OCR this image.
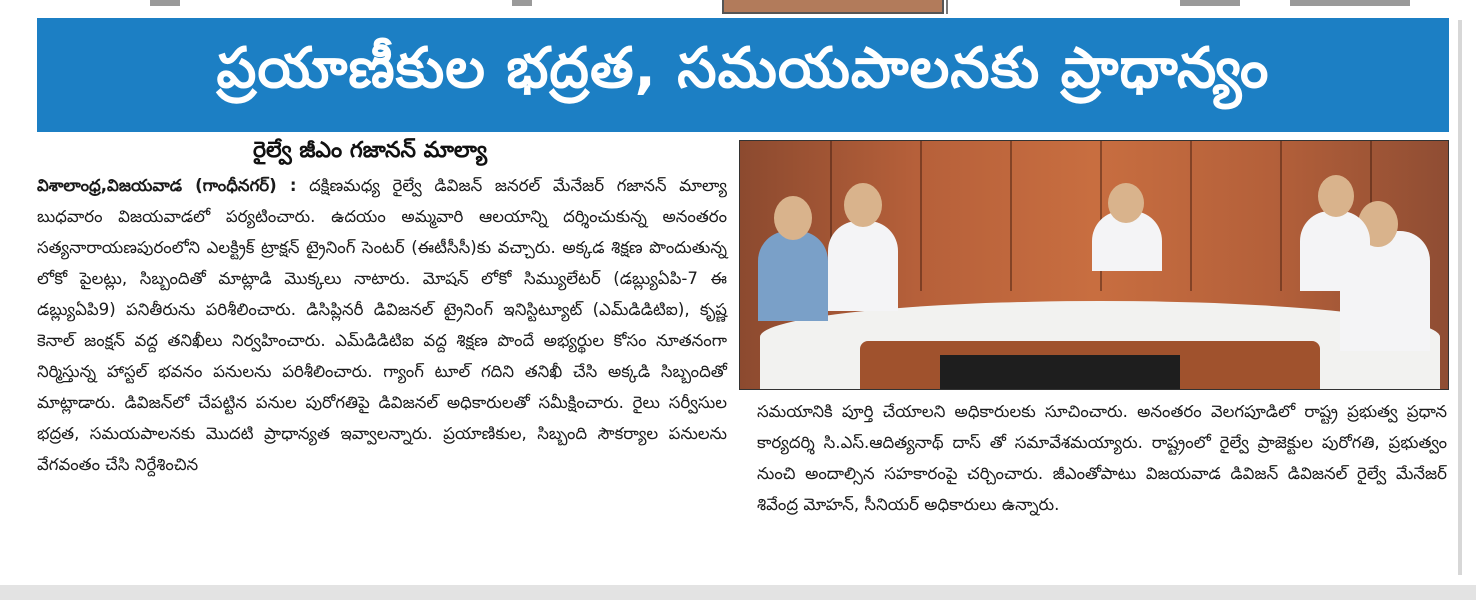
ప్రయాణీకుల భద్రత, సమయపాలనకు ప్రాధాన్యం
రైల్వే జీఎం గజానన్ మాల్యా
విశాలాంధ్ర,విజయవాడ (గాంధీనగర్) : దక్షిణమధ్య రైల్వే డివిజన్ జనరల్ మేనేజర్ గజానన్ మాల్యా బుధవారం విజయవాడలో పర్యటించారు. ఉదయం అమ్మవారి ఆలయాన్ని దర్శించుకున్న అనంతరం సత్యనారాయణపురంలోని ఎలక్ట్రిక్ ట్రాక్షన్ ట్రైనింగ్ సెంటర్ (ఈటీసీసీ)కు వచ్చారు. అక్కడ శిక్షణ పొందుతున్న లోకో పైలట్లు, సిబ్బందితో మాట్లాడి మొక్కలు నాటారు. మోషన్ లోకో సిమ్యులేటర్ (డబ్ల్యుఏపి-7 ఈ డబ్ల్యుఏపి9) పనితీరును పరిశీలించారు. డిసిప్లినరీ డివిజనల్ ట్రైనింగ్ ఇనిస్టిట్యూట్ (ఎమ్‌డిడిటిఐ), కృష్ణ కెనాల్ జంక్షన్ వద్ద తనిఖీలు నిర్వహించారు. ఎమ్‌డిడిటిఐ వద్ద శిక్షణ పొందే అభ్యర్థుల కోసం నూతనంగా నిర్మిస్తున్న హాస్టల్ భవనం పనులను పరిశీలించారు. గ్యాంగ్ టూల్ గదిని తనిఖీ చేసి అక్కడి సిబ్బందితో మాట్లాడారు. డివిజన్‌లో చేపట్టిన పనుల పురోగతిపై డివిజనల్ అధికారులతో సమీక్షించారు. రైలు సర్వీసుల భద్రత, సమయపాలనకు మొదటి ప్రాధాన్యత ఇవ్వాలన్నారు. ప్రయాణికుల, సిబ్బంది సౌకర్యాల పనులను వేగవంతం చేసి నిర్దేశించిన
సమయానికి పూర్తి చేయాలని అధికారులకు సూచించారు. అనంతరం వెలగపూడిలో రాష్ట్ర ప్రభుత్వ ప్రధాన కార్యదర్శి సి.ఎస్.ఆదిత్యనాథ్ దాస్ తో సమావేశమయ్యారు. రాష్ట్రంలో రైల్వే ప్రాజెక్టుల పురోగతి, ప్రభుత్వం నుంచి అందాల్సిన సహకారంపై చర్చించారు. జీఎంతోపాటు విజయవాడ డివిజన్ డివిజనల్ రైల్వే మేనేజర్ శివేంద్ర మోహన్, సీనియర్ అధికారులు ఉన్నారు.
